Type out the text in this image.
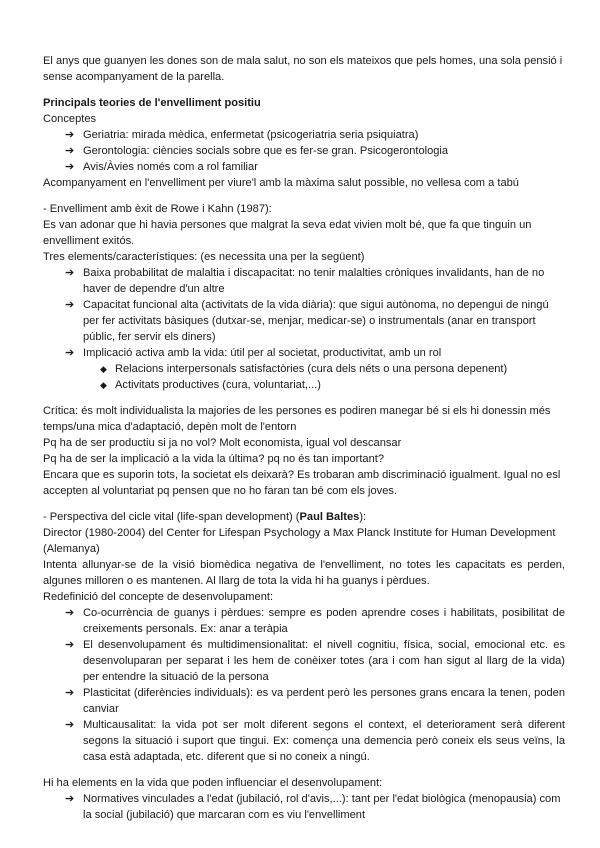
El anys que guanyen les dones son de mala salut, no son els mateixos que pels homes, una sola pensió i sense acompanyament de la parella.

Principals teories de l'envelliment positiu

Conceptes

➔ Geriatria: mirada mèdica, enfermetat (psicogeriatria seria psiquiatra)
➔ Gerontologia: ciències socials sobre que es fer-se gran. Psicogerontologia
➔ Avis/Àvies només com a rol familiar

Acompanyament en l'envelliment per viure'l amb la màxima salut possible, no vellesa com a tabú

- Envelliment amb èxit de Rowe i Kahn (1987):

Es van adonar que hi havia persones que malgrat la seva edat vivien molt bé, que fa que tinguin un envelliment exitós.

Tres elements/característiques: (es necessita una per la següent)

➔ Baixa probabilitat de malaltia i discapacitat: no tenir malalties cròniques invalidants, han de no haver de dependre d'un altre
➔ Capacitat funcional alta (activitats de la vida diària): que sigui autònoma, no depengui de ningú per fer activitats bàsiques (dutxar-se, menjar, medicar-se) o instrumentals (anar en transport públic, fer servir els diners)
➔ Implicació activa amb la vida: útil per al societat, productivitat, amb un rol
◆ Relacions interpersonals satisfactòries (cura dels néts o una persona depenent)
◆ Activitats productives (cura, voluntariat,...)

Crítica: és molt individualista la majories de les persones es podiren manegar bé si els hi donessin més temps/una mica d'adaptació, depèn molt de l'entorn

Pq ha de ser productiu si ja no vol? Molt economista, igual vol descansar

Pq ha de ser la implicació a la vida la última? pq no és tan important?

Encara que es suporin tots, la societat els deixarà? Es trobaran amb discriminació igualment. Igual no esl accepten al voluntariat pq pensen que no ho faran tan bé com els joves.

- Perspectiva del cicle vital (life-span development) (Paul Baltes):

Director (1980-2004) del Center for Lifespan Psychology a Max Planck Institute for Human Development (Alemanya)

Intenta allunyar-se de la visió biomèdica negativa de l'envelliment, no totes les capacitats es perden, algunes milloren o es mantenen. Al llarg de tota la vida hi ha guanys i pèrdues.

Redefinició del concepte de desenvolupament:

➔ Co-ocurrència de guanys i pèrdues: sempre es poden aprendre coses i habilitats, posibilitat de creixements personals. Ex: anar a teràpia
➔ El desenvolupament és multidimensionalitat: el nivell cognitiu, física, social, emocional etc. es desenvoluparan per separat i les hem de conèixer totes (ara i com han sigut al llarg de la vida) per entendre la situació de la persona
➔ Plasticitat (diferències individuals): es va perdent però les persones grans encara la tenen, poden canviar
➔ Multicausalitat: la vida pot ser molt diferent segons el context, el deteriorament serà diferent segons la situació i suport que tingui. Ex: comença una demencia però coneix els seus veïns, la casa està adaptada, etc. diferent que si no coneix a ningú.

Hi ha elements en la vida que poden influenciar el desenvolupament:

➔ Normatives vinculades a l'edat (jubilació, rol d'avis,...): tant per l'edat biològica (menopausia) com la social (jubilació) que marcaran com es viu l'envelliment
